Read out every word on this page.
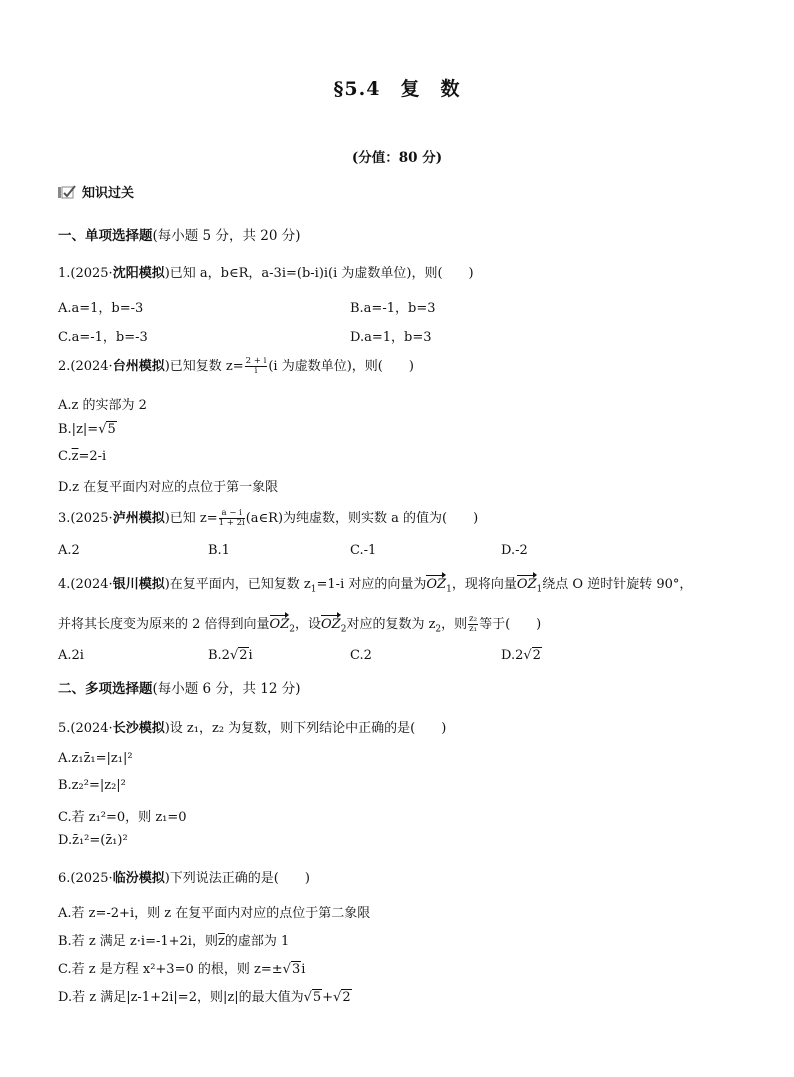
§5.4　复　数
(分值：80 分)
知识过关
一、单项选择题(每小题 5 分，共 20 分)
1.(2025·沈阳模拟)已知 a，b∈R，a-3i=(b-i)i(i 为虚数单位)，则(　　)
A.a=1，b=-3	B.a=-1，b=3
C.a=-1，b=-3	D.a=1，b=3
2.(2024·台州模拟)已知复数 $z= \frac{2 + i}{i} (i$ 为虚数单位)，则(　　)
A.z 的实部为 2
B.|z|=√5
$C.\overline{z}=2-i$
D.z 在复平面内对应的点位于第一象限
3.(2025·泸州模拟)已知 $z= \frac{a - i}{1 + 2i}$ (a∈R)为纯虚数，则实数 a 的值为(　　)
A.2	B.1	C.-1	D.-2
4.(2024·银川模拟)在复平面内，已知复数 $z_1=1-i$ 对应的向量为$OZ_1$，现将向量$OZ_1$绕点 O 逆时针旋转 90°，
并将其长度变为原来的 2 倍得到向量$OZ_2$，设$OZ_2$对应的复数为 $z_2$，则 $\frac{\text{z₂}}{\text{z₁}}$ 等于(　　)
A.2i	B.2√2i	C.2	D.2√2
二、多项选择题(每小题 6 分，共 12 分)
5.(2024·长沙模拟)设 z₁，z₂ 为复数，则下列结论中正确的是(　　)
A.z₁z̄₁=|z₁|²
B.z₂²=|z₂|²
C.若 z₁²=0，则 z₁=0
D.z̄₁²=(z̄₁)²
6.(2025·临汾模拟)下列说法正确的是(　　)
A.若 z=-2+i，则 z 在复平面内对应的点位于第二象限
B.若 z 满足 z·i=-1+2i，则$\overline{z}$的虚部为 1
C.若 z 是方程 x²+3=0 的根，则 z=±√3i
D.若 z 满足|z-1+2i|=2，则|z|的最大值为√5+√2
